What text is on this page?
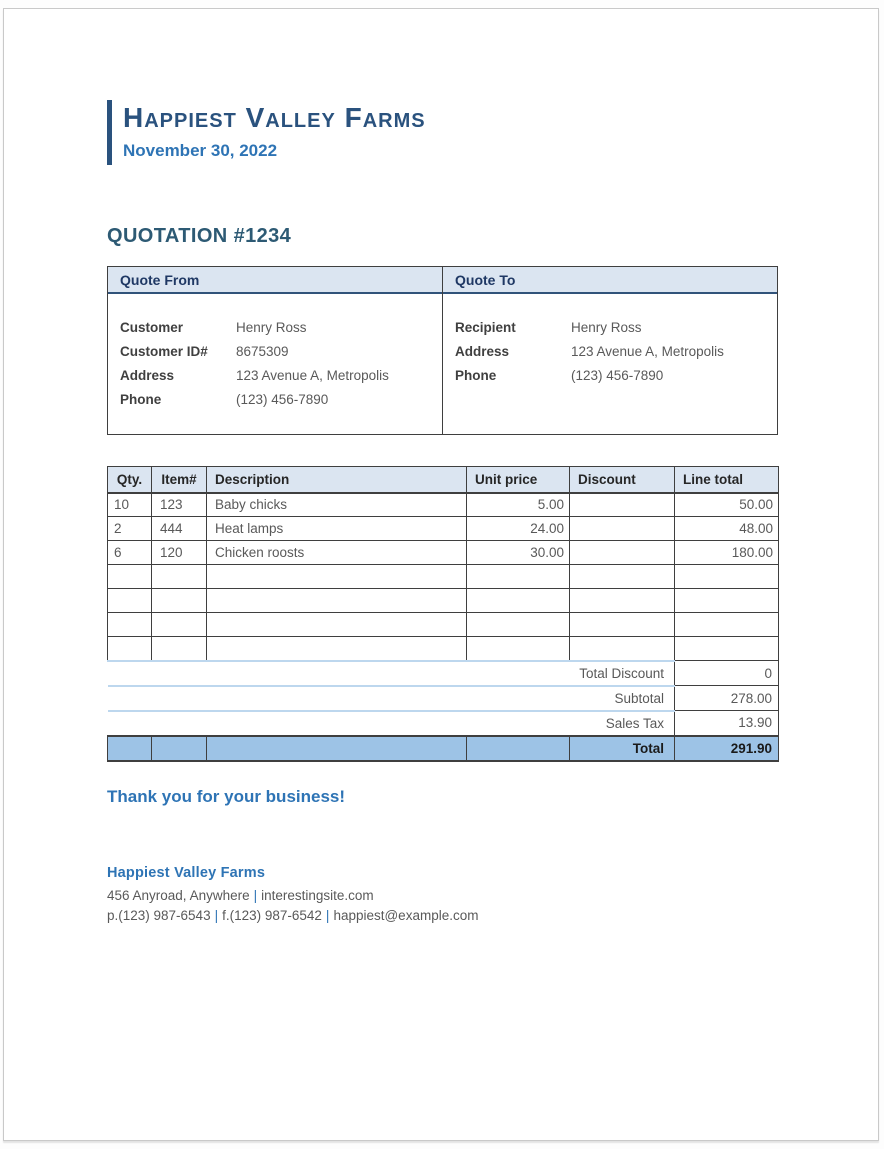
Happiest Valley Farms
November 30, 2022
QUOTATION #1234
Quote From
Customer	Henry Ross
Customer ID#	8675309
Address	123 Avenue A, Metropolis
Phone	(123) 456-7890

Quote To
Recipient	Henry Ross
Address	123 Avenue A, Metropolis
Phone	(123) 456-7890
Qty.	Item#	Description	Unit price	Discount	Line total
10	123	Baby chicks	5.00		50.00
2	444	Heat lamps	24.00		48.00
6	120	Chicken roosts	30.00		180.00

Total Discount					0
Subtotal					278.00
Sales Tax					13.90
				Total	291.90
Thank you for your business!
Happiest Valley Farms
456 Anyroad, Anywhere | interestingsite.com
p.(123) 987-6543 | f.(123) 987-6542 | happiest@example.com
